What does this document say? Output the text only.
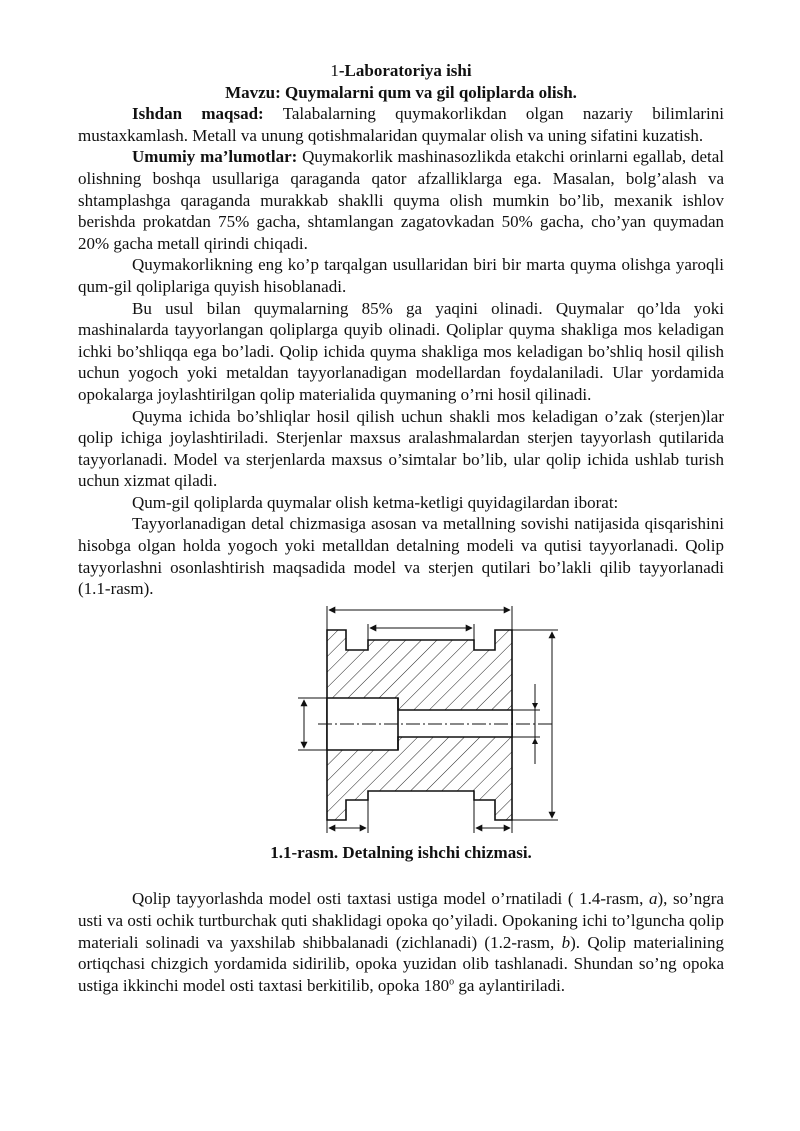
1-Laboratoriya ishi
Mavzu: Quymalarni qum va gil qoliplarda olish.

Ishdan maqsad: Talabalarning quymakorlikdan olgan nazariy bilimlarini mustaxkamlash. Metall va unung qotishmalaridan quymalar olish va uning sifatini kuzatish.

Umumiy ma’lumotlar: Quymakorlik mashinasozlikda etakchi orinlarni egallab, detal olishning boshqa usullariga qaraganda qator afzalliklarga ega. Masalan, bolg’alash va shtamplashga qaraganda murakkab shaklli quyma olish mumkin bo’lib, mexanik ishlov berishda prokatdan 75% gacha, shtamlangan zagatovkadan 50% gacha, cho’yan quymadan 20% gacha metall qirindi chiqadi.

Quymakorlikning eng ko’p tarqalgan usullaridan biri bir marta quyma olishga yaroqli qum-gil qoliplariga quyish hisoblanadi.

Bu usul bilan quymalarning 85% ga yaqini olinadi. Quymalar qo’lda yoki mashinalarda tayyorlangan qoliplarga quyib olinadi. Qoliplar quyma shakliga mos keladigan ichki bo’shliqqa ega bo’ladi. Qolip ichida quyma shakliga mos keladigan bo’shliq hosil qilish uchun yogoch yoki metaldan tayyorlanadigan modellardan foydalaniladi. Ular yordamida opokalarga joylashtirilgan qolip materialida quymaning o’rni hosil qilinadi.

Quyma ichida bo’shliqlar hosil qilish uchun shakli mos keladigan o’zak (sterjen)lar qolip ichiga joylashtiriladi. Sterjenlar maxsus aralashmalardan sterjen tayyorlash qutilarida tayyorlanadi. Model va sterjenlarda maxsus o’simtalar bo’lib, ular qolip ichida ushlab turish uchun xizmat qiladi.

Qum-gil qoliplarda quymalar olish ketma-ketligi quyidagilardan iborat:

Tayyorlanadigan detal chizmasiga asosan va metallning sovishi natijasida qisqarishini hisobga olgan holda yogoch yoki metalldan detalning modeli va qutisi tayyorlanadi. Qolip tayyorlashni osonlashtirish maqsadida model va sterjen qutilari bo’lakli qilib tayyorlanadi (1.1-rasm).

1.1-rasm. Detalning ishchi chizmasi.

Qolip tayyorlashda model osti taxtasi ustiga model o’rnatiladi ( 1.4-rasm, a), so’ngra usti va osti ochik turtburchak quti shaklidagi opoka qo’yiladi. Opokaning ichi to’lguncha qolip materiali solinadi va yaxshilab shibbalanadi (zichlanadi) (1.2-rasm, b). Qolip materialining ortiqchasi chizgich yordamida sidirilib, opoka yuzidan olib tashlanadi. Shundan so’ng opoka ustiga ikkinchi model osti taxtasi berkitilib, opoka 180$^o$ ga aylantiriladi.
